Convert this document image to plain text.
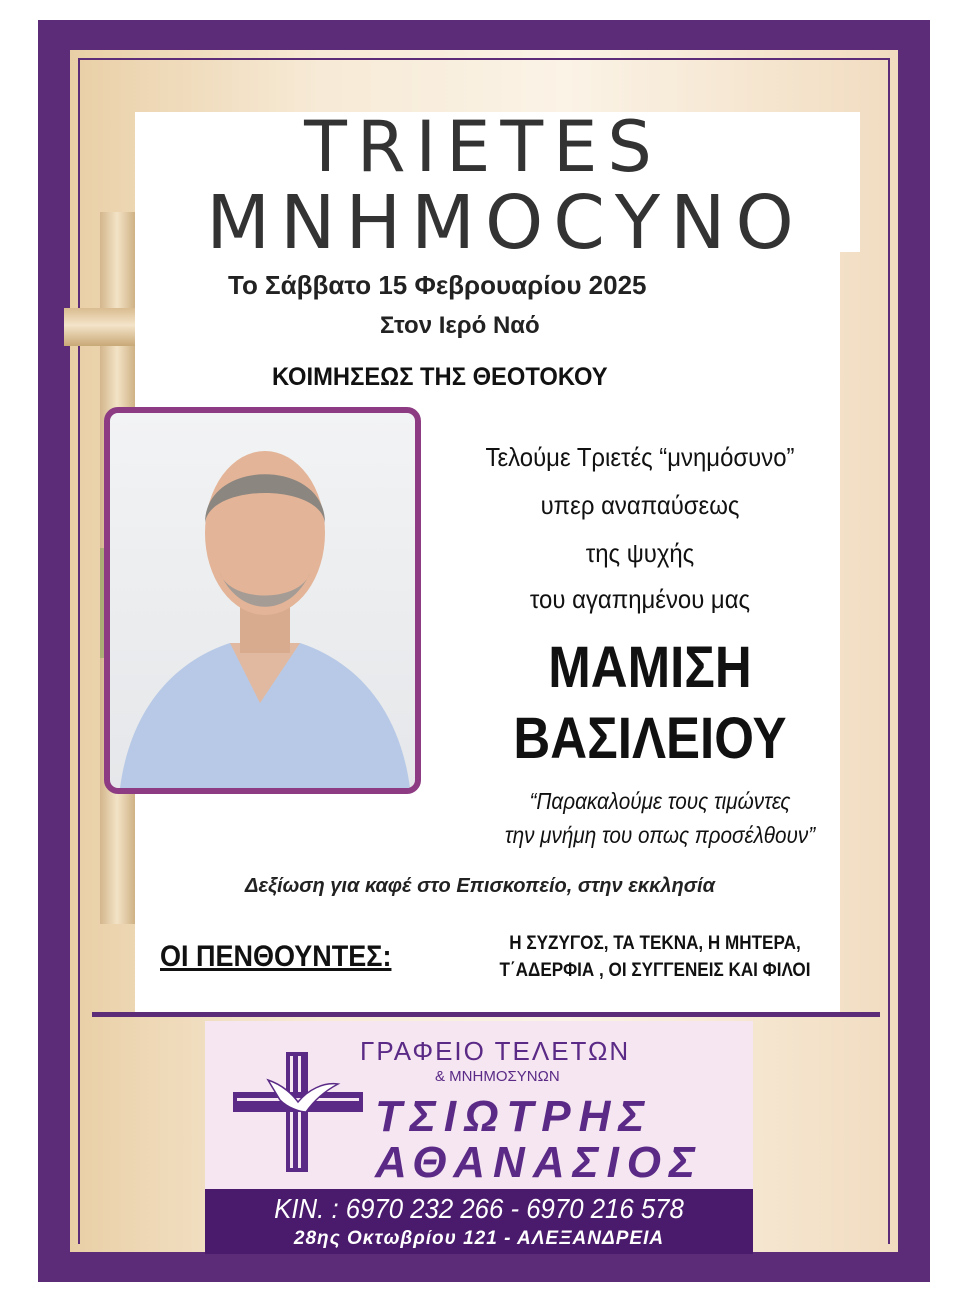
TRIETES
ΜΝΗΜΟCΥΝΟ
Το Σάββατο 15 Φεβρουαρίου 2025
Στον Ιερό Ναό
ΚΟΙΜΗΣΕΩΣ ΤΗΣ ΘΕΟΤΟΚΟΥ
Τελούμε Τριετές “μνημόσυνο”
υπερ αναπαύσεως
της ψυχής
του αγαπημένου μας
ΜΑΜΙΣΗ
ΒΑΣΙΛΕΙΟΥ
“Παρακαλούμε τους τιμώντες
την μνήμη του οπως προσέλθουν”
Δεξίωση για καφέ στο Επισκοπείο, στην εκκλησία
ΟΙ ΠΕΝΘΟΥΝΤΕΣ:	Η ΣΥΖΥΓΟΣ, ΤΑ ΤΕΚΝΑ, Η ΜΗΤΕΡΑ,
Τ΄ΑΔΕΡΦΙΑ , ΟΙ ΣΥΓΓΕΝΕΙΣ ΚΑΙ ΦΙΛΟΙ
ΓΡΑΦΕΙΟ ΤΕΛΕΤΩΝ
& ΜΝΗΜΟΣΥΝΩΝ
ΤΣΙΩΤΡΗΣ
ΑΘΑΝΑΣΙΟΣ
ΚΙΝ. : 6970 232 266 - 6970 216 578
28ης Οκτωβρίου 121 - ΑΛΕΞΑΝΔΡΕΙΑ
